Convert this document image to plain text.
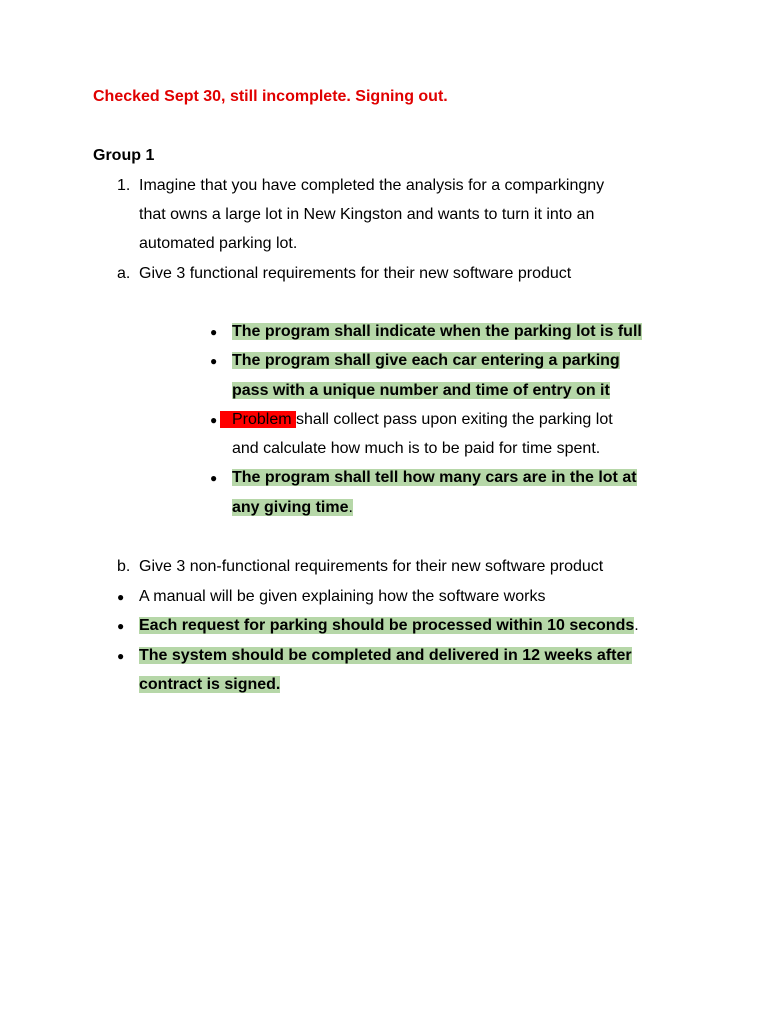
Checked Sept 30, still incomplete. Signing out.
Group 1
1. Imagine that you have completed the analysis for a comparkingny
that owns a large lot in New Kingston and wants to turn it into an
automated parking lot.
a. Give 3 functional requirements for their new software product
● The program shall indicate when the parking lot is full
● The program shall give each car entering a parking
pass with a unique number and time of entry on it
● Problem shall collect pass upon exiting the parking lot
and calculate how much is to be paid for time spent.
● The program shall tell how many cars are in the lot at
any giving time.
b. Give 3 non-functional requirements for their new software product
● A manual will be given explaining how the software works
● Each request for parking should be processed within 10 seconds.
● The system should be completed and delivered in 12 weeks after
contract is signed.
